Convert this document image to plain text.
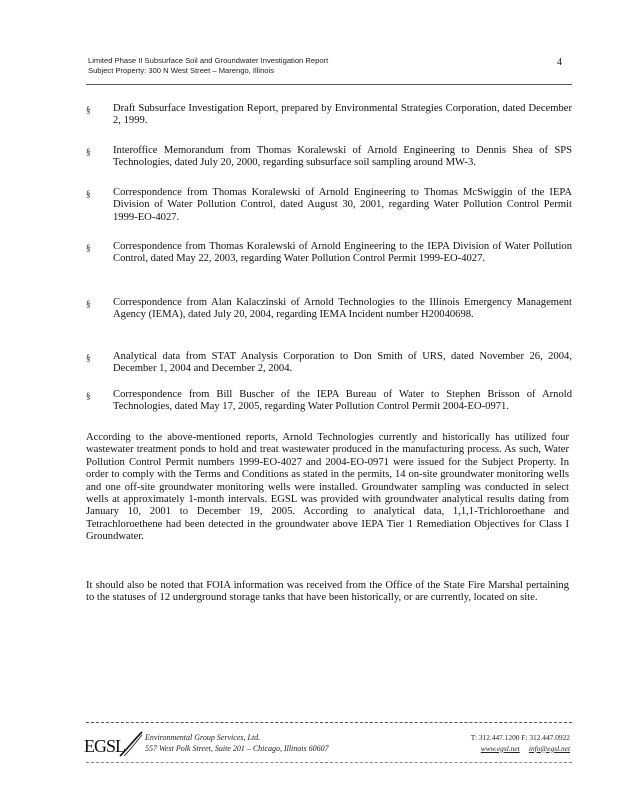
Limited Phase II Subsurface Soil and Groundwater Investigation Report
Subject Property: 300 N West Street – Marengo, Illinois
4
§	Draft Subsurface Investigation Report, prepared by Environmental Strategies Corporation, dated December 2, 1999.
§	Interoffice Memorandum from Thomas Koralewski of Arnold Engineering to Dennis Shea of SPS Technologies, dated July 20, 2000, regarding subsurface soil sampling around MW-3.
§	Correspondence from Thomas Koralewski of Arnold Engineering to Thomas McSwiggin of the IEPA Division of Water Pollution Control, dated August 30, 2001, regarding Water Pollution Control Permit 1999-EO-4027.
§	Correspondence from Thomas Koralewski of Arnold Engineering to the IEPA Division of Water Pollution Control, dated May 22, 2003, regarding Water Pollution Control Permit 1999-EO-4027.
§	Correspondence from Alan Kalaczinski of Arnold Technologies to the Illinois Emergency Management Agency (IEMA), dated July 20, 2004, regarding IEMA Incident number H20040698.
§	Analytical data from STAT Analysis Corporation to Don Smith of URS, dated November 26, 2004, December 1, 2004 and December 2, 2004.
§	Correspondence from Bill Buscher of the IEPA Bureau of Water to Stephen Brisson of Arnold Technologies, dated May 17, 2005, regarding Water Pollution Control Permit 2004-EO-0971.
According to the above-mentioned reports, Arnold Technologies currently and historically has utilized four wastewater treatment ponds to hold and treat wastewater produced in the manufacturing process. As such, Water Pollution Control Permit numbers 1999-EO-4027 and 2004-EO-0971 were issued for the Subject Property. In order to comply with the Terms and Conditions as stated in the permits, 14 on-site groundwater monitoring wells and one off-site groundwater monitoring wells were installed. Groundwater sampling was conducted in select wells at approximately 1-month intervals. EGSL was provided with groundwater analytical results dating from January 10, 2001 to December 19, 2005. According to analytical data, 1,1,1-Trichloroethane and Tetrachloroethene had been detected in the groundwater above IEPA Tier 1 Remediation Objectives for Class I Groundwater.
It should also be noted that FOIA information was received from the Office of the State Fire Marshal pertaining to the statuses of 12 underground storage tanks that have been historically, or are currently, located on site.
EGSL	Environmental Group Services, Ltd.
557 West Polk Street, Suite 201 – Chicago, Illinois 60607
T: 312.447.1200 F: 312.447.0922
www.egsl.net info@egsl.net
